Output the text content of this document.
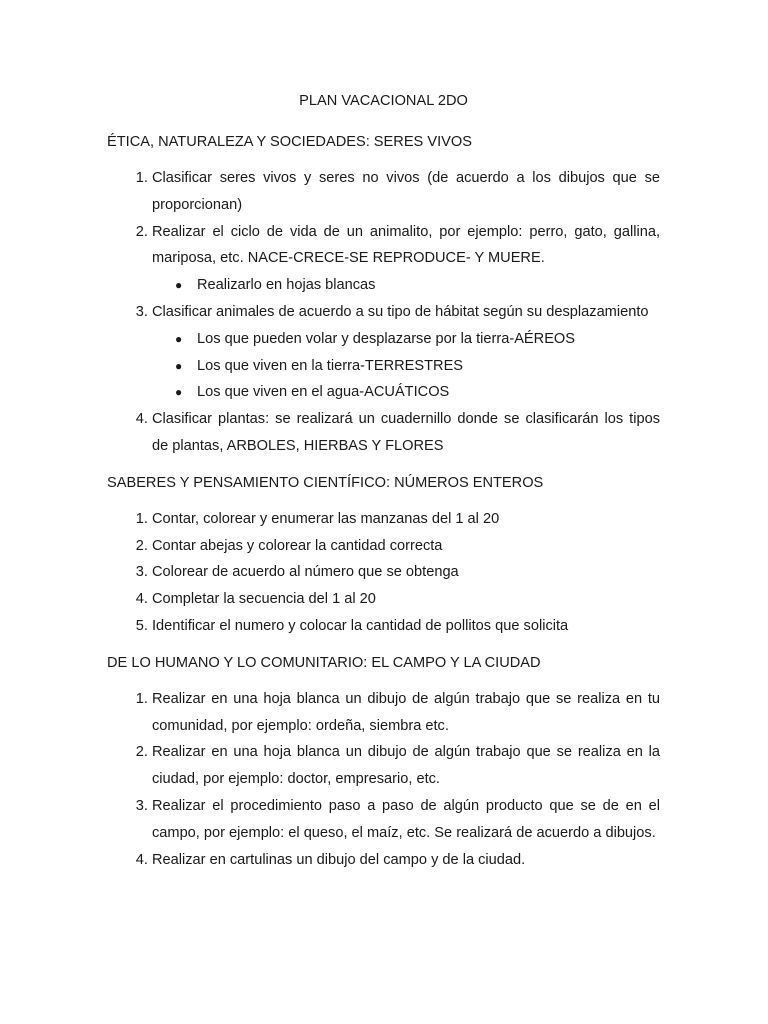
PLAN VACACIONAL 2DO
ÉTICA, NATURALEZA Y SOCIEDADES: SERES VIVOS
1. Clasificar seres vivos y seres no vivos (de acuerdo a los dibujos que se proporcionan)
2. Realizar el ciclo de vida de un animalito, por ejemplo: perro, gato, gallina, mariposa, etc. NACE-CRECE-SE REPRODUCE- Y MUERE.
● Realizarlo en hojas blancas
3. Clasificar animales de acuerdo a su tipo de hábitat según su desplazamiento
● Los que pueden volar y desplazarse por la tierra-AÉREOS
● Los que viven en la tierra-TERRESTRES
● Los que viven en el agua-ACUÁTICOS
4. Clasificar plantas: se realizará un cuadernillo donde se clasificarán los tipos de plantas, ARBOLES, HIERBAS Y FLORES
SABERES Y PENSAMIENTO CIENTÍFICO: NÚMEROS ENTEROS
1. Contar, colorear y enumerar las manzanas del 1 al 20
2. Contar abejas y colorear la cantidad correcta
3. Colorear de acuerdo al número que se obtenga
4. Completar la secuencia del 1 al 20
5. Identificar el numero y colocar la cantidad de pollitos que solicita
DE LO HUMANO Y LO COMUNITARIO: EL CAMPO Y LA CIUDAD
1. Realizar en una hoja blanca un dibujo de algún trabajo que se realiza en tu comunidad, por ejemplo: ordeña, siembra etc.
2. Realizar en una hoja blanca un dibujo de algún trabajo que se realiza en la ciudad, por ejemplo: doctor, empresario, etc.
3. Realizar el procedimiento paso a paso de algún producto que se de en el campo, por ejemplo: el queso, el maíz, etc. Se realizará de acuerdo a dibujos.
4. Realizar en cartulinas un dibujo del campo y de la ciudad.
